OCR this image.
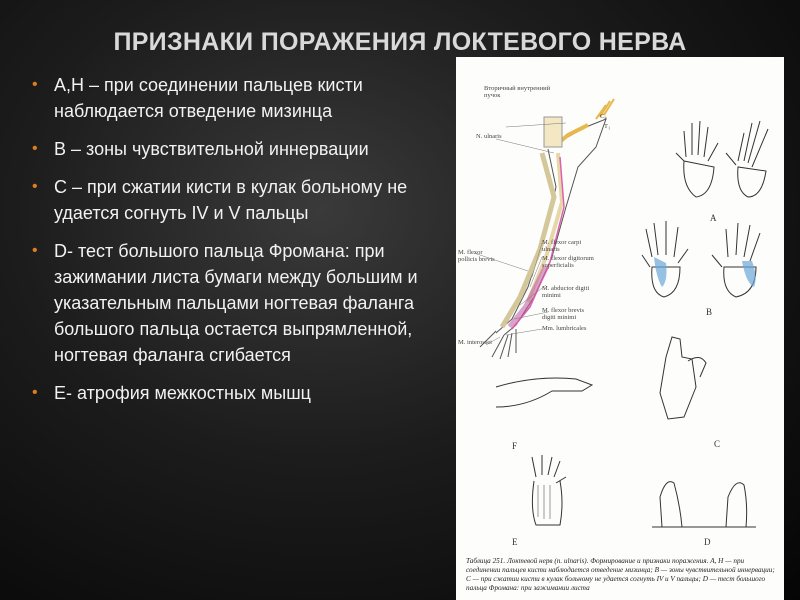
ПРИЗНАКИ ПОРАЖЕНИЯ ЛОКТЕВОГО НЕРВА
• А,Н – при соединении пальцев кисти наблюдается отведение мизинца
• В – зоны чувствительной иннервации
• С – при сжатии кисти в кулак больному не удается согнуть IV и V пальцы
• D- тест большого пальца Фромана: при зажимании листа бумаги между большим и указательным пальцами ногтевая фаланга большого пальца остается выпрямленной, ногтевая фаланга сгибается
• Е- атрофия межкостных мышц
Вторичный внутренний пучок
N. ulnaris
C₈
T₁
M. flexor carpi ulnaris
M. flexor digitorum superficialis
M. flexor pollicis brevis
M. abductor digiti minimi
M. flexor brevis digiti minimi
Mm. lumbricales
M. interossei
A
B
C
F
E	D
Таблица 251. Локтевой нерв (n. ulnaris). Формирование и признаки поражения. А, Н — при соединении пальцев кисти наблюдается отведение мизинца; В — зоны чувствительной иннервации; С — при сжатии кисти в кулак больному не удается согнуть IV и V пальцы; D — тест большого пальца Фромана: при зажимании листа
